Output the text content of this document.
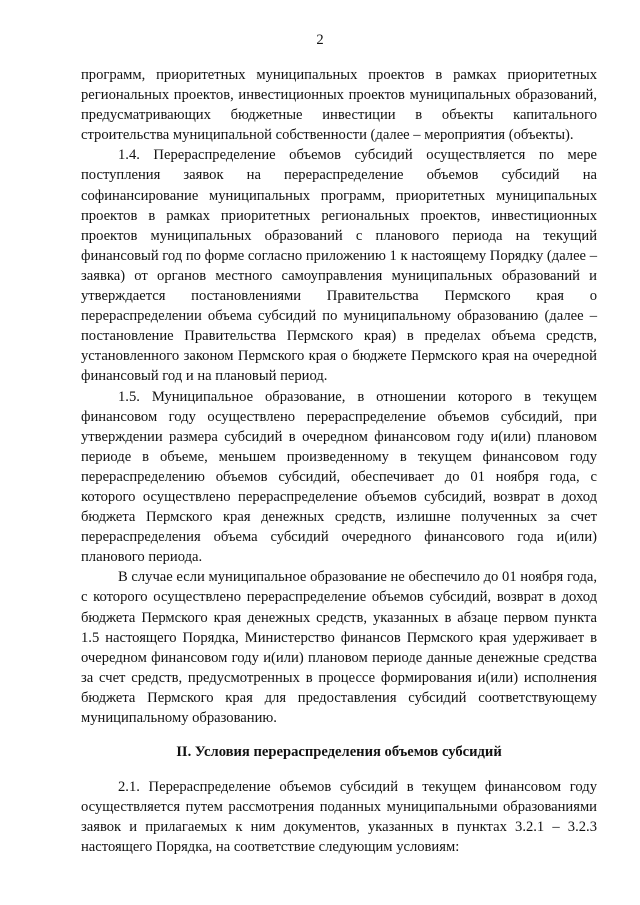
2

программ, приоритетных муниципальных проектов в рамках приоритетных региональных проектов, инвестиционных проектов муниципальных образований, предусматривающих бюджетные инвестиции в объекты капитального строительства муниципальной собственности (далее – мероприятия (объекты).

1.4. Перераспределение объемов субсидий осуществляется по мере поступления заявок на перераспределение объемов субсидий на софинансирование муниципальных программ, приоритетных муниципальных проектов в рамках приоритетных региональных проектов, инвестиционных проектов муниципальных образований с планового периода на текущий финансовый год по форме согласно приложению 1 к настоящему Порядку (далее – заявка) от органов местного самоуправления муниципальных образований и утверждается постановлениями Правительства Пермского края о перераспределении объема субсидий по муниципальному образованию (далее – постановление Правительства Пермского края) в пределах объема средств, установленного законом Пермского края о бюджете Пермского края на очередной финансовый год и на плановый период.

1.5. Муниципальное образование, в отношении которого в текущем финансовом году осуществлено перераспределение объемов субсидий, при утверждении размера субсидий в очередном финансовом году и(или) плановом периоде в объеме, меньшем произведенному в текущем финансовом году перераспределению объемов субсидий, обеспечивает до 01 ноября года, с которого осуществлено перераспределение объемов субсидий, возврат в доход бюджета Пермского края денежных средств, излишне полученных за счет перераспределения объема субсидий очередного финансового года и(или) планового периода.

В случае если муниципальное образование не обеспечило до 01 ноября года, с которого осуществлено перераспределение объемов субсидий, возврат в доход бюджета Пермского края денежных средств, указанных в абзаце первом пункта 1.5 настоящего Порядка, Министерство финансов Пермского края удерживает в очередном финансовом году и(или) плановом периоде данные денежные средства за счет средств, предусмотренных в процессе формирования и(или) исполнения бюджета Пермского края для предоставления субсидий соответствующему муниципальному образованию.

II. Условия перераспределения объемов субсидий

2.1. Перераспределение объемов субсидий в текущем финансовом году осуществляется путем рассмотрения поданных муниципальными образованиями заявок и прилагаемых к ним документов, указанных в пунктах 3.2.1 – 3.2.3 настоящего Порядка, на соответствие следующим условиям:
